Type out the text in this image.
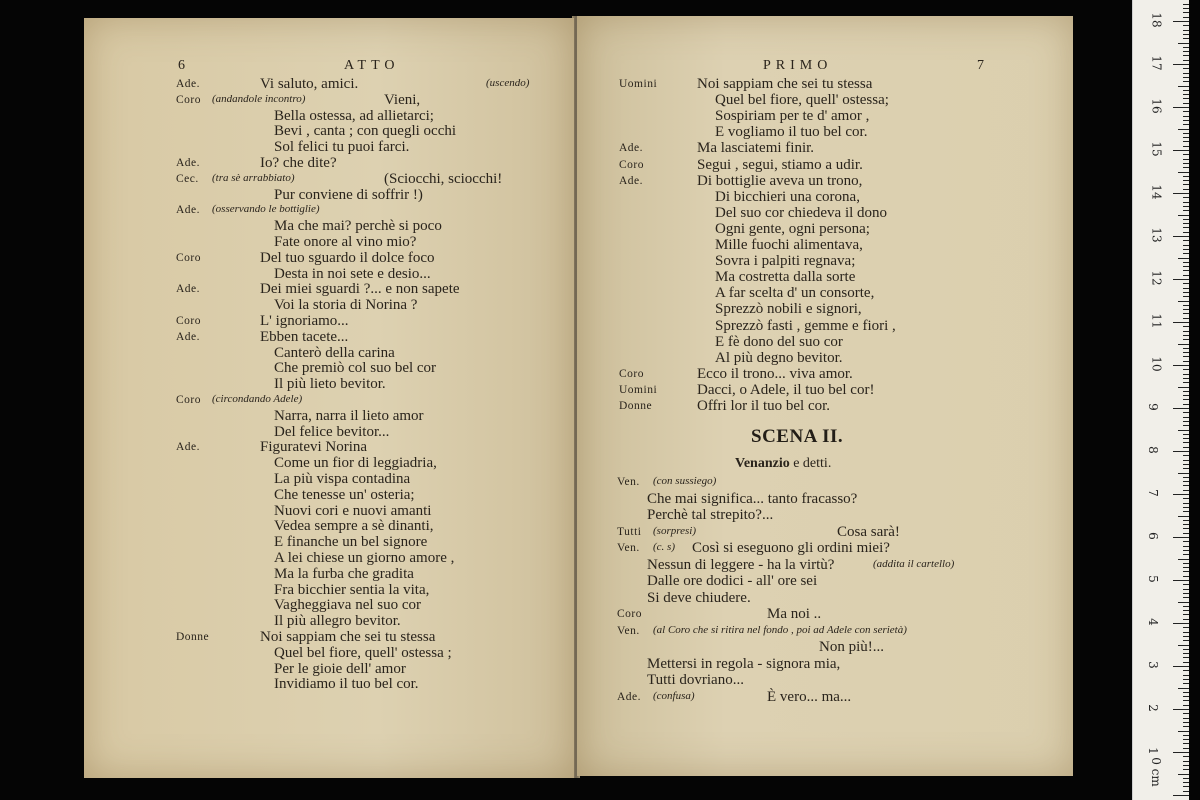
6	ATTO
Ade.	Vi saluto, amici.	(uscendo)
Coro (andandole incontro)	Vieni,
Bella ostessa, ad allietarci;
Bevi , canta ; con quegli occhi
Sol felici tu puoi farci.
Ade.	Io? che dite?
Cec. (tra sè arrabbiato)	(Sciocchi, sciocchi!
Pur conviene di soffrir !)
Ade. (osservando le bottiglie)
Ma che mai? perchè si poco
Fate onore al vino mio?
Coro	Del tuo sguardo il dolce foco
Desta in noi sete e desio...
Ade.	Dei miei sguardi ?... e non sapete
Voi la storia di Norina ?
Coro	L' ignoriamo...
Ade.	Ebben tacete...
Canterò della carina
Che premiò col suo bel cor
Il più lieto bevitor.
Coro (circondando Adele)
Narra, narra il lieto amor
Del felice bevitor...
Ade.	Figuratevi Norina
Come un fior di leggiadria,
La più vispa contadina
Che tenesse un' osteria;
Nuovi cori e nuovi amanti
Vedea sempre a sè dinanti,
E finanche un bel signore
A lei chiese un giorno amore ,
Ma la furba che gradita
Fra bicchier sentia la vita,
Vagheggiava nel suo cor
Il più allegro bevitor.
Donne	Noi sappiam che sei tu stessa
Quel bel fiore, quell' ostessa ;
Per le gioie dell' amor
Invidiamo il tuo bel cor.
PRIMO	7
Uomini	Noi sappiam che sei tu stessa
Quel bel fiore, quell' ostessa;
Sospiriam per te d' amor ,
E vogliamo il tuo bel cor.
Ade.	Ma lasciatemi finir.
Coro	Segui , segui, stiamo a udir.
Ade.	Di bottiglie aveva un trono,
Di bicchieri una corona,
Del suo cor chiedeva il dono
Ogni gente, ogni persona;
Mille fuochi alimentava,
Sovra i palpiti regnava;
Ma costretta dalla sorte
A far scelta d' un consorte,
Sprezzò nobili e signori,
Sprezzò fasti , gemme e fiori ,
E fè dono del suo cor
Al più degno bevitor.
Coro	Ecco il trono... viva amor.
Uomini	Dacci, o Adele, il tuo bel cor!
Donne	Offri lor il tuo bel cor.
SCENA II.
Venanzio e detti.
Ven. (con sussiego)
Che mai significa... tanto fracasso?
Perchè tal strepito?...
Tutti (sorpresi)	Cosa sarà!
Ven. (c. s) Così si eseguono gli ordini miei?
Nessun di leggere - ha la virtù?	(addita il cartello)
Dalle ore dodici - all' ore sei
Si deve chiudere.
Coro	Ma noi ..
Ven. (al Coro che si ritira nel fondo , poi ad Adele con serietà)
Non più!...
Mettersi in regola - signora mia,
Tutti dovriano...
Ade. (confusa)	È vero... ma...
1
2
3
4
5
6
7
8
9
10
11
12
13
14
15
16
17
18
0 cm
